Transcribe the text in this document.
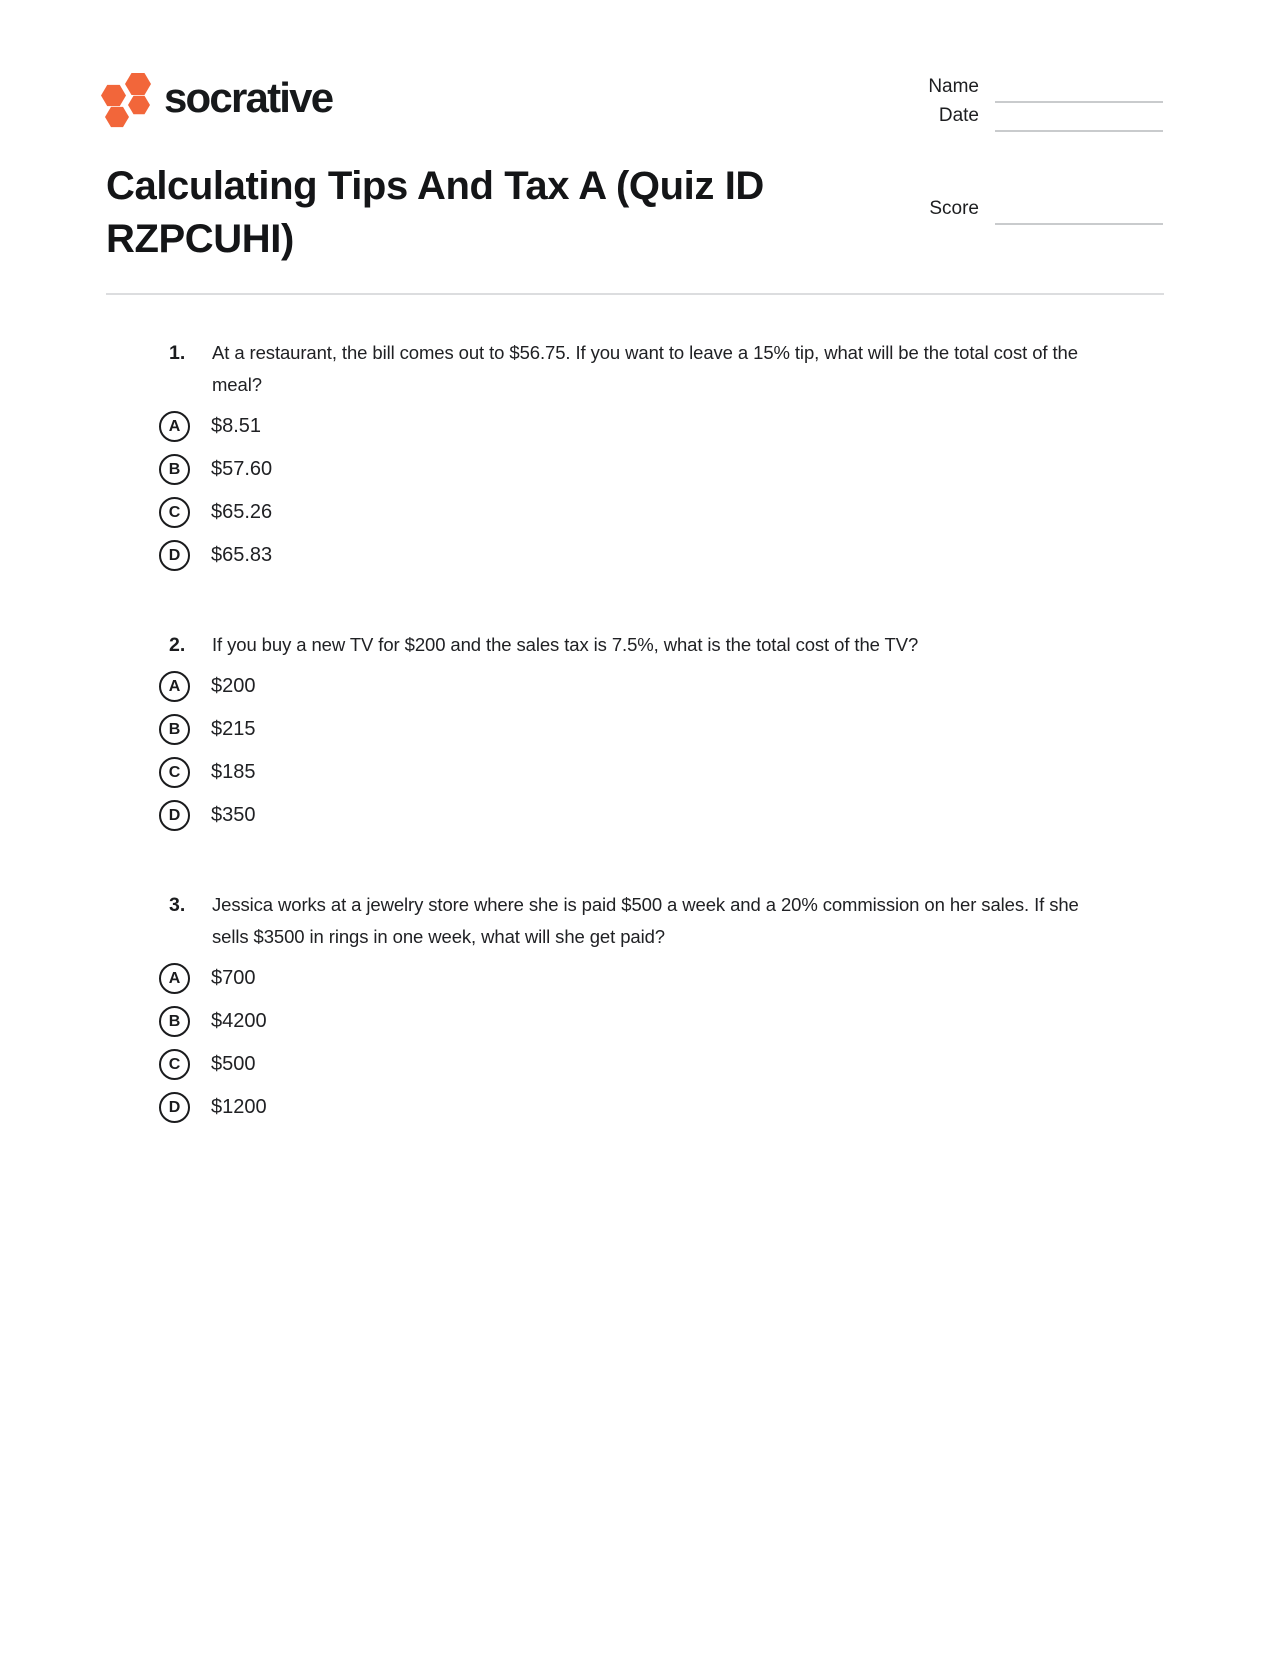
socrative	Name
Date
Calculating Tips And Tax A (Quiz ID RZPCUHI)
Score
1.	At a restaurant, the bill comes out to $56.75. If you want to leave a 15% tip, what will be the total cost of the meal?
A $8.51
B $57.60
C $65.26
D $65.83
2.	If you buy a new TV for $200 and the sales tax is 7.5%, what is the total cost of the TV?
A $200
B $215
C $185
D $350
3.	Jessica works at a jewelry store where she is paid $500 a week and a 20% commission on her sales. If she sells $3500 in rings in one week, what will she get paid?
A $700
B $4200
C $500
D $1200
